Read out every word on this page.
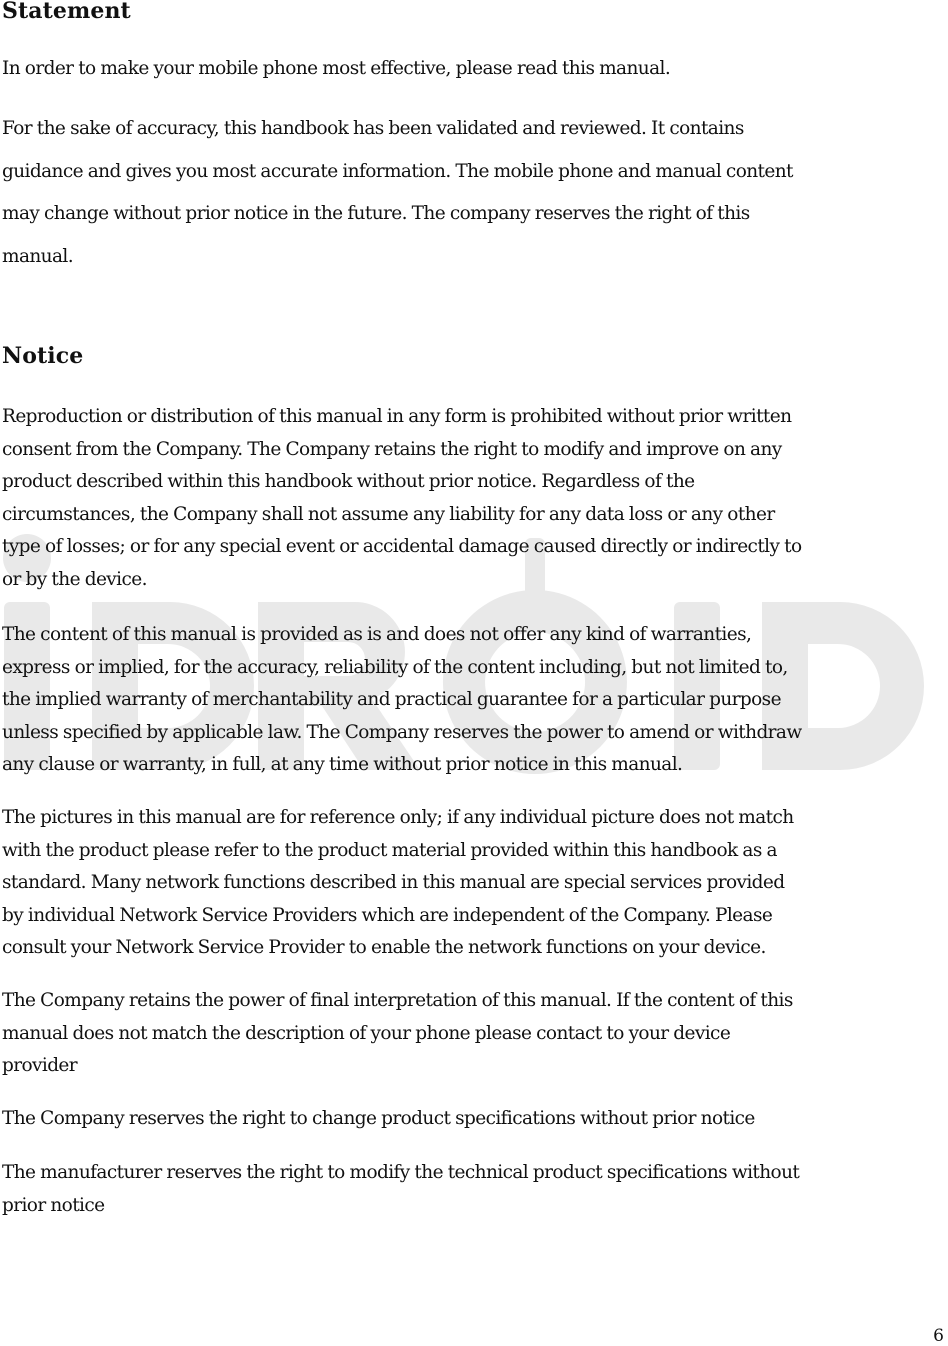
Statement

In order to make your mobile phone most effective, please read this manual.

For the sake of accuracy, this handbook has been validated and reviewed. It contains
guidance and gives you most accurate information. The mobile phone and manual content
may change without prior notice in the future. The company reserves the right of this
manual.

Notice

Reproduction or distribution of this manual in any form is prohibited without prior written
consent from the Company. The Company retains the right to modify and improve on any
product described within this handbook without prior notice. Regardless of the
circumstances, the Company shall not assume any liability for any data loss or any other
type of losses; or for any special event or accidental damage caused directly or indirectly to
or by the device.

The content of this manual is provided as is and does not offer any kind of warranties,
express or implied, for the accuracy, reliability of the content including, but not limited to,
the implied warranty of merchantability and practical guarantee for a particular purpose
unless specified by applicable law. The Company reserves the power to amend or withdraw
any clause or warranty, in full, at any time without prior notice in this manual.

The pictures in this manual are for reference only; if any individual picture does not match
with the product please refer to the product material provided within this handbook as a
standard. Many network functions described in this manual are special services provided
by individual Network Service Providers which are independent of the Company. Please
consult your Network Service Provider to enable the network functions on your device.

The Company retains the power of final interpretation of this manual. If the content of this
manual does not match the description of your phone please contact to your device
provider

The Company reserves the right to change product specifications without prior notice

The manufacturer reserves the right to modify the technical product specifications without
prior notice

6
